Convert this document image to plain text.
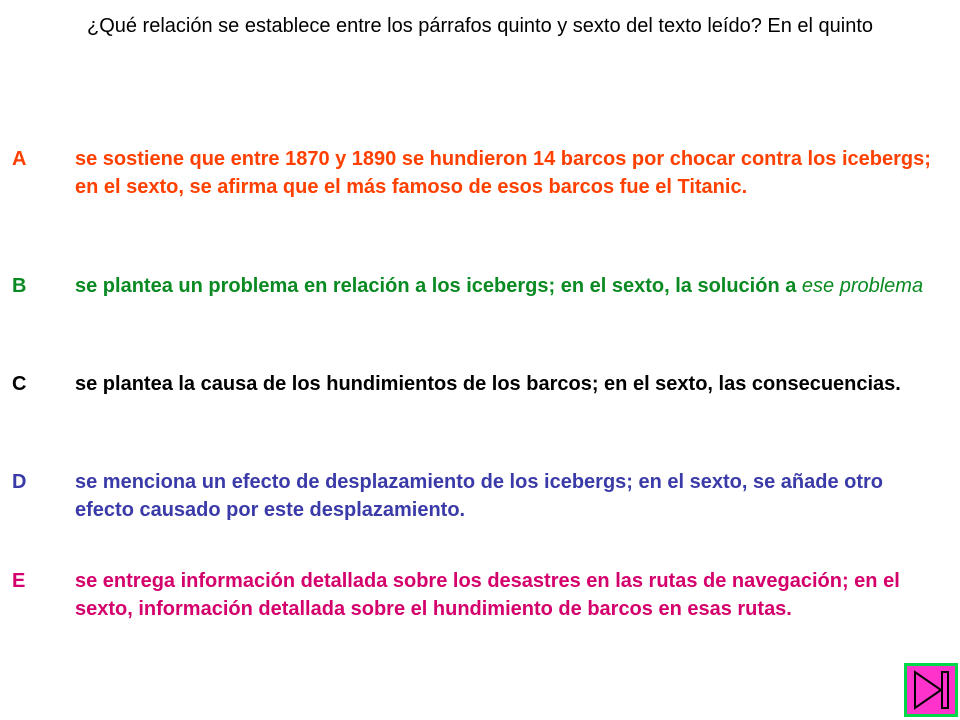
¿Qué relación se establece entre los párrafos quinto y sexto del texto leído? En el quinto
A	se sostiene que entre 1870 y 1890 se hundieron 14 barcos por chocar contra los icebergs; en el sexto, se afirma que el más famoso de esos barcos fue el Titanic.
B	se plantea un problema en relación a los icebergs; en el sexto, la solución a ese problema
C	se plantea la causa de los hundimientos de los barcos; en el sexto, las consecuencias.
D	se menciona un efecto de desplazamiento de los icebergs; en el sexto, se añade otro efecto causado por este desplazamiento.
E	se entrega información detallada sobre los desastres en las rutas de navegación; en el sexto, información detallada sobre el hundimiento de barcos en esas rutas.
